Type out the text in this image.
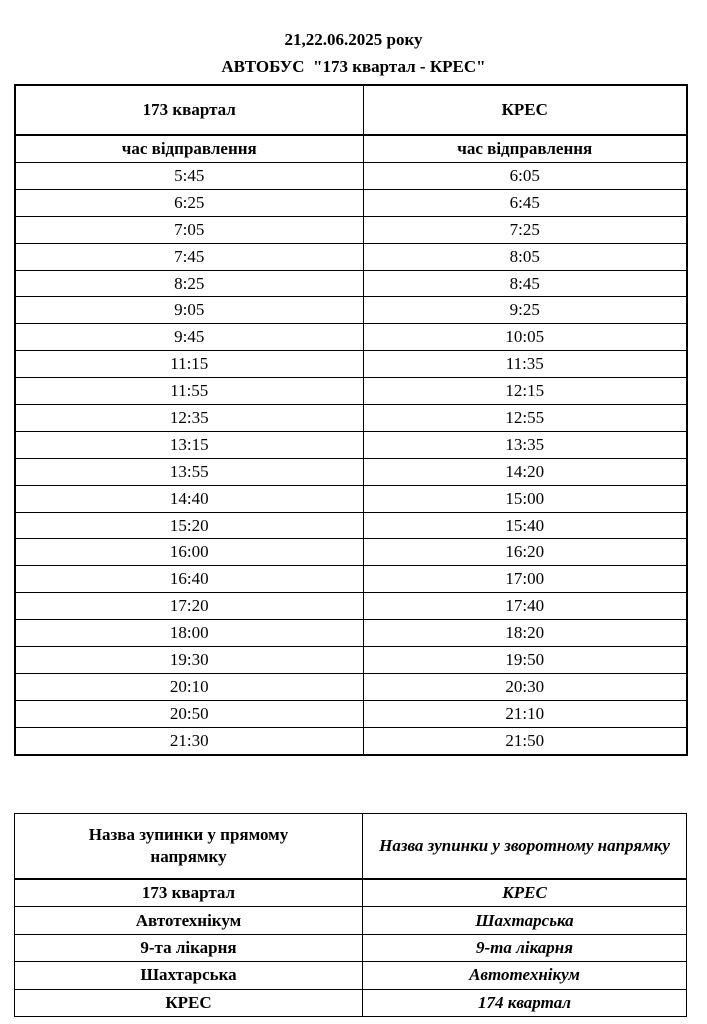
21,22.06.2025 року
АВТОБУС  "173 квартал - КРЕС"
173 квартал	КРЕС
час відправлення	час відправлення
5:45	6:05
6:25	6:45
7:05	7:25
7:45	8:05
8:25	8:45
9:05	9:25
9:45	10:05
11:15	11:35
11:55	12:15
12:35	12:55
13:15	13:35
13:55	14:20
14:40	15:00
15:20	15:40
16:00	16:20
16:40	17:00
17:20	17:40
18:00	18:20
19:30	19:50
20:10	20:30
20:50	21:10
21:30	21:50
Назва зупинки у прямому напрямку	Назва зупинки у зворотному напрямку
173 квартал	КРЕС
Автотехнікум	Шахтарська
9-та лікарня	9-та лікарня
Шахтарська	Автотехнікум
КРЕС	174 квартал
